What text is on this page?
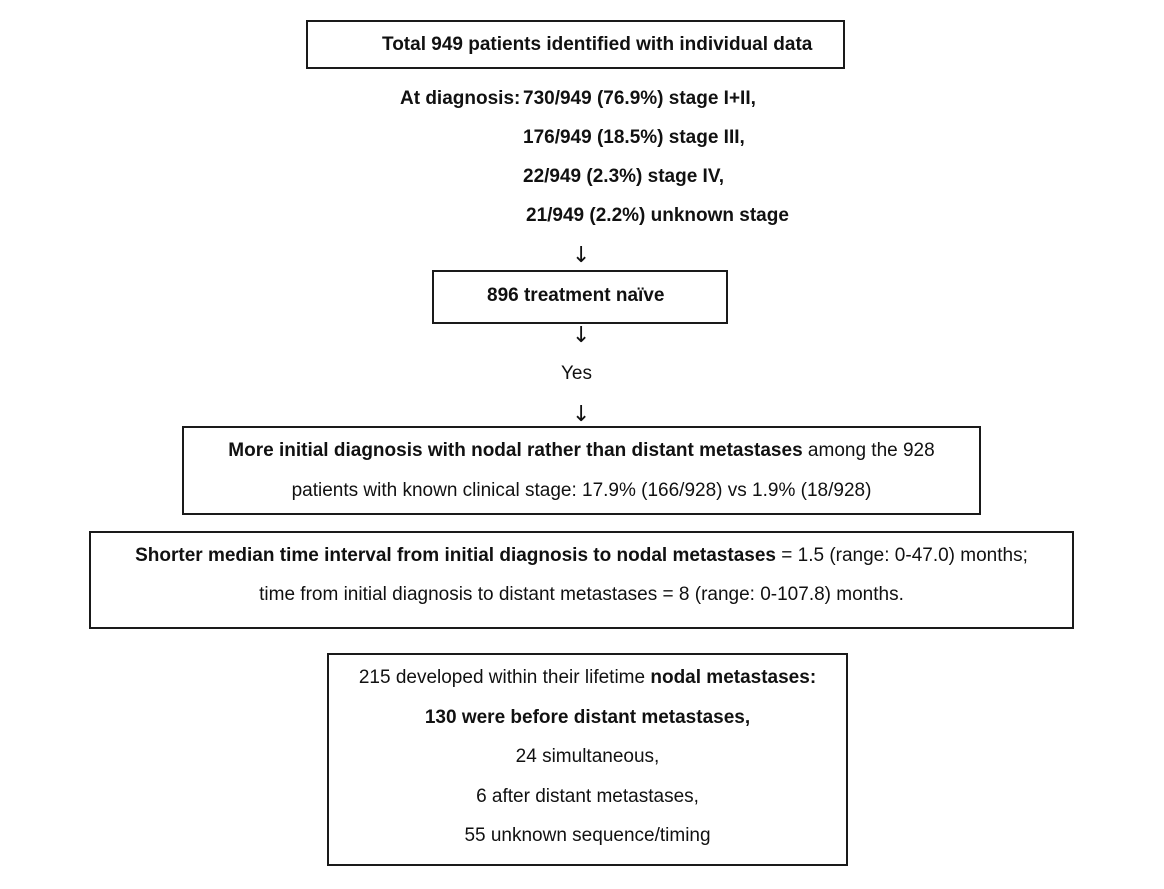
Total 949 patients identified with individual data
At diagnosis: 730/949 (76.9%) stage I+II,
176/949 (18.5%) stage III,
22/949 (2.3%) stage IV,
21/949 (2.2%) unknown stage
↓
896 treatment naïve
↓
Yes
↓
More initial diagnosis with nodal rather than distant metastases among the 928
patients with known clinical stage: 17.9% (166/928) vs 1.9% (18/928)
Shorter median time interval from initial diagnosis to nodal metastases = 1.5 (range: 0-47.0) months;
time from initial diagnosis to distant metastases = 8 (range: 0-107.8) months.
215 developed within their lifetime nodal metastases:
130 were before distant metastases,
24 simultaneous,
6 after distant metastases,
55 unknown sequence/timing
